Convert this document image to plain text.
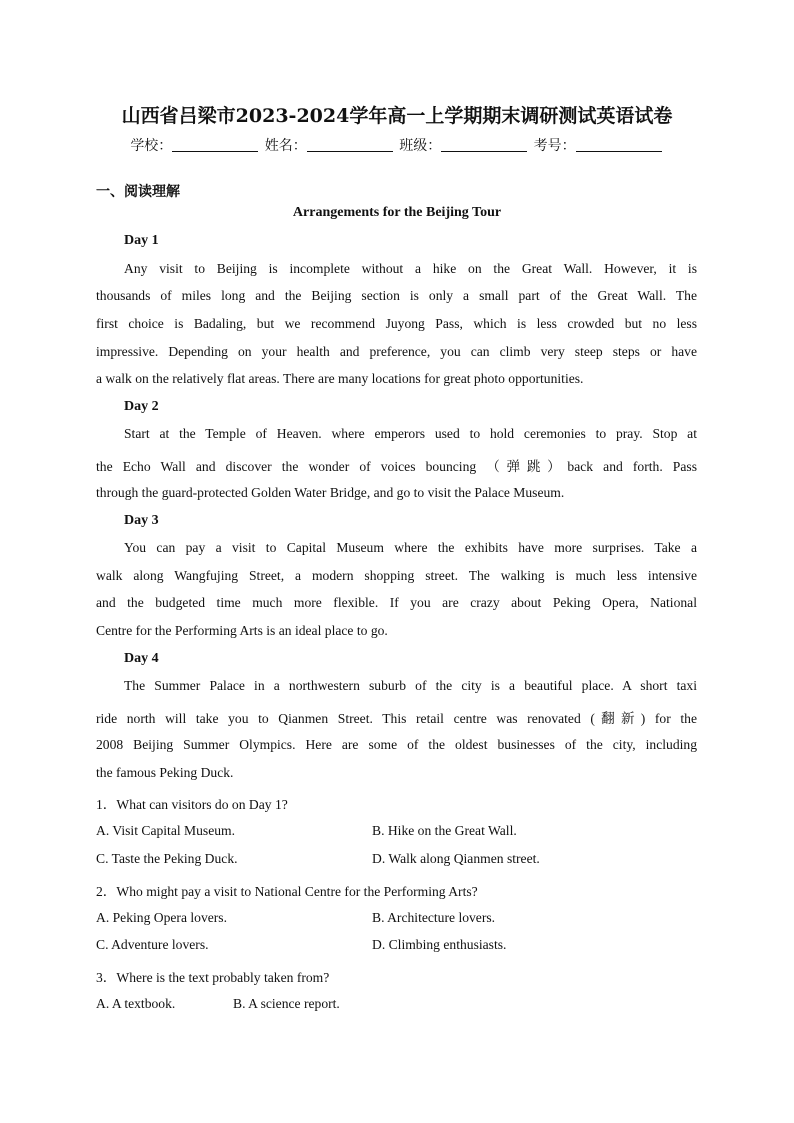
山西省吕梁市2023-2024学年高一上学期期末调研测试英语试卷
学校：	姓名：	班级：	考号：
一、阅读理解
Arrangements for the Beijing Tour
Day 1
Any visit to Beijing is incomplete without a hike on the Great Wall. However, it is
thousands of miles long and the Beijing section is only a small part of the Great Wall. The
first choice is Badaling, but we recommend Juyong Pass, which is less crowded but no less
impressive. Depending on your health and preference, you can climb very steep steps or have
a walk on the relatively flat areas. There are many locations for great photo opportunities.
Day 2
Start at the Temple of Heaven. where emperors used to hold ceremonies to pray. Stop at
the Echo Wall and discover the wonder of voices bouncing （弹跳）back and forth. Pass
through the guard-protected Golden Water Bridge, and go to visit the Palace Museum.
Day 3
You can pay a visit to Capital Museum where the exhibits have more surprises. Take a
walk along Wangfujing Street, a modern shopping street. The walking is much less intensive
and the budgeted time much more flexible. If you are crazy about Peking Opera, National
Centre for the Performing Arts is an ideal place to go.
Day 4
The Summer Palace in a northwestern suburb of the city is a beautiful place. A short taxi
ride north will take you to Qianmen Street. This retail centre was renovated (翻新) for the
2008 Beijing Summer Olympics. Here are some of the oldest businesses of the city, including
the famous Peking Duck.
1．What can visitors do on Day 1?
A. Visit Capital Museum.	B. Hike on the Great Wall.
C. Taste the Peking Duck.	D. Walk along Qianmen street.
2．Who might pay a visit to National Centre for the Performing Arts?
A. Peking Opera lovers.	B. Architecture lovers.
C. Adventure lovers.	D. Climbing enthusiasts.
3．Where is the text probably taken from?
A. A textbook.	B. A science report.
